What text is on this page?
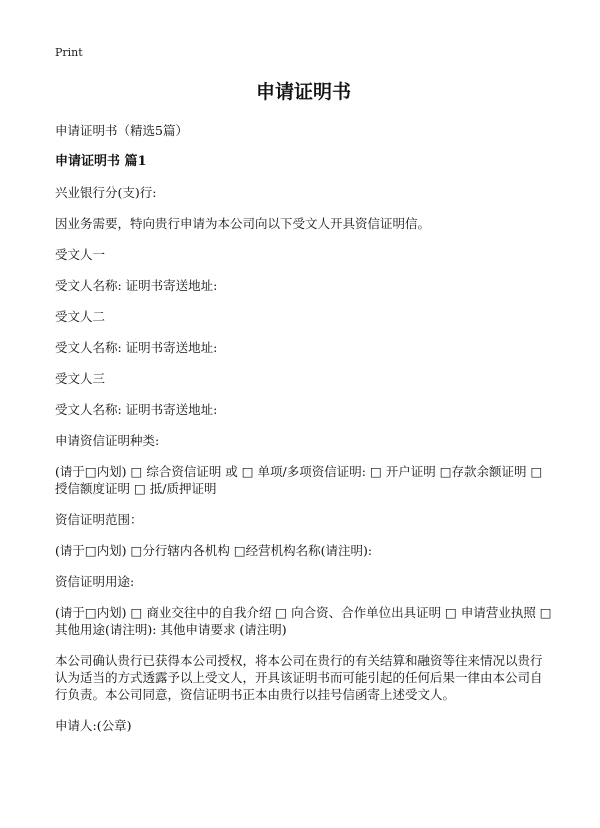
Print
申请证明书
申请证明书（精选5篇）
申请证明书 篇1
兴业银行分(支)行:
因业务需要，特向贵行申请为本公司向以下受文人开具资信证明信。
受文人一
受文人名称: 证明书寄送地址:
受文人二
受文人名称: 证明书寄送地址:
受文人三
受文人名称: 证明书寄送地址:
申请资信证明种类:
(请于□内划) □ 综合资信证明 或 □ 单项/多项资信证明: □ 开户证明 □存款余额证明 □授信额度证明 □ 抵/质押证明
资信证明范围：
(请于□内划) □分行辖内各机构 □经营机构名称(请注明):
资信证明用途:
(请于□内划) □ 商业交往中的自我介绍 □ 向合资、合作单位出具证明 □ 申请营业执照 □ 其他用途(请注明): 其他申请要求 (请注明)
本公司确认贵行已获得本公司授权，将本公司在贵行的有关结算和融资等往来情况以贵行认为适当的方式透露予以上受文人，开具该证明书而可能引起的任何后果一律由本公司自行负责。本公司同意，资信证明书正本由贵行以挂号信函寄上述受文人。
申请人:(公章)
